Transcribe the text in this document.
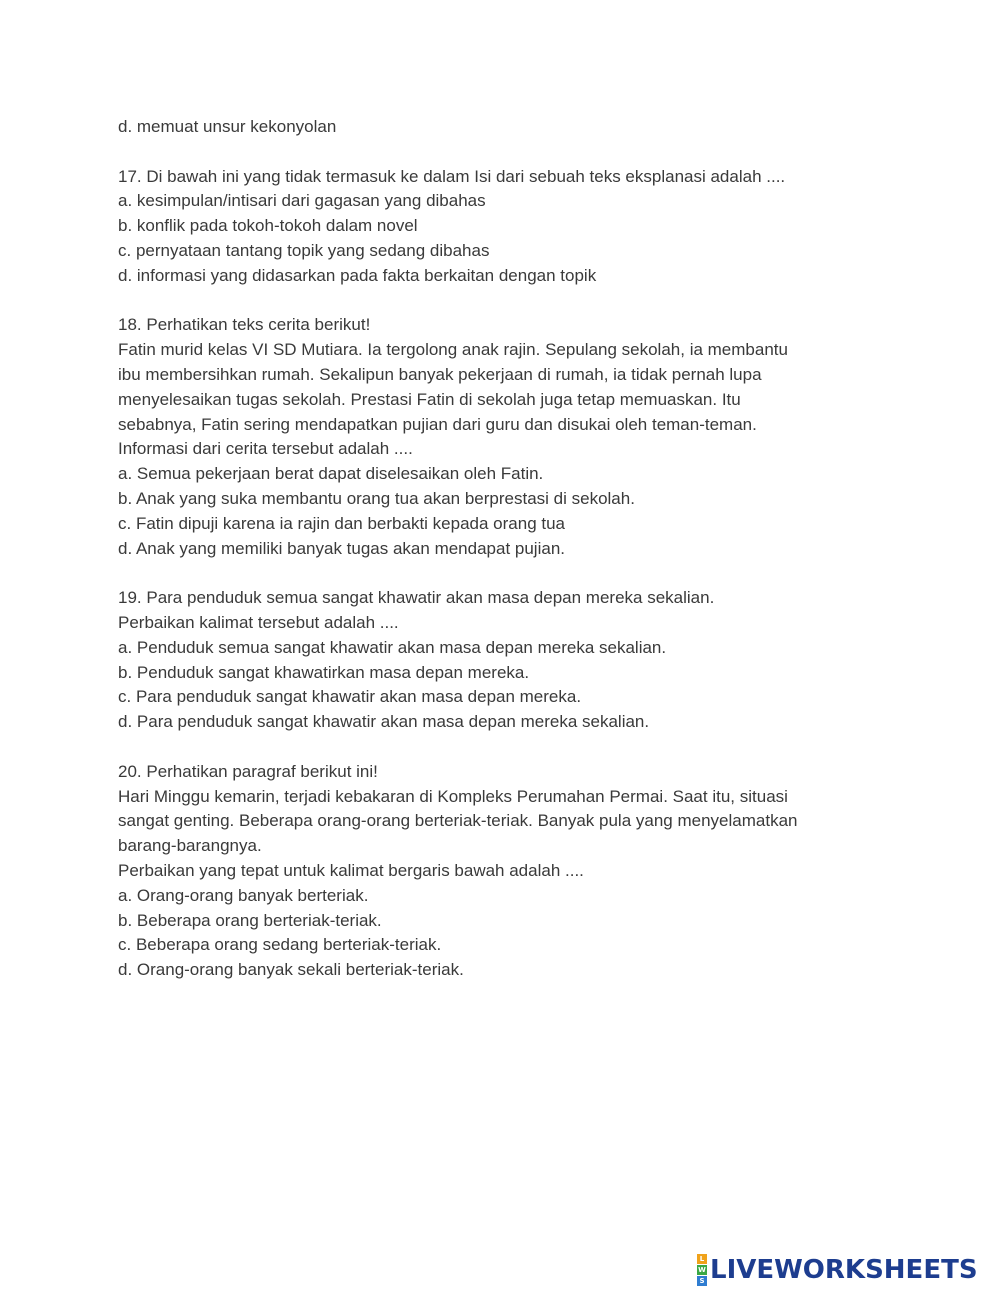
d. memuat unsur kekonyolan
17. Di bawah ini yang tidak termasuk ke dalam Isi dari sebuah teks eksplanasi adalah ....
a. kesimpulan/intisari dari gagasan yang dibahas
b. konflik pada tokoh-tokoh dalam novel
c. pernyataan tantang topik yang sedang dibahas
d. informasi yang didasarkan pada fakta berkaitan dengan topik
18. Perhatikan teks cerita berikut!
Fatin murid kelas VI SD Mutiara. Ia tergolong anak rajin. Sepulang sekolah, ia membantu
ibu membersihkan rumah. Sekalipun banyak pekerjaan di rumah, ia tidak pernah lupa
menyelesaikan tugas sekolah. Prestasi Fatin di sekolah juga tetap memuaskan. Itu
sebabnya, Fatin sering mendapatkan pujian dari guru dan disukai oleh teman-teman.
Informasi dari cerita tersebut adalah ....
a. Semua pekerjaan berat dapat diselesaikan oleh Fatin.
b. Anak yang suka membantu orang tua akan berprestasi di sekolah.
c. Fatin dipuji karena ia rajin dan berbakti kepada orang tua
d. Anak yang memiliki banyak tugas akan mendapat pujian.
19. Para penduduk semua sangat khawatir akan masa depan mereka sekalian.
Perbaikan kalimat tersebut adalah ....
a. Penduduk semua sangat khawatir akan masa depan mereka sekalian.
b. Penduduk sangat khawatirkan masa depan mereka.
c. Para penduduk sangat khawatir akan masa depan mereka.
d. Para penduduk sangat khawatir akan masa depan mereka sekalian.
20. Perhatikan paragraf berikut ini!
Hari Minggu kemarin, terjadi kebakaran di Kompleks Perumahan Permai. Saat itu, situasi
sangat genting. Beberapa orang-orang berteriak-teriak. Banyak pula yang menyelamatkan
barang-barangnya.
Perbaikan yang tepat untuk kalimat bergaris bawah adalah ....
a. Orang-orang banyak berteriak.
b. Beberapa orang berteriak-teriak.
c. Beberapa orang sedang berteriak-teriak.
d. Orang-orang banyak sekali berteriak-teriak.
L
W
S LIVEWORKSHEETS
